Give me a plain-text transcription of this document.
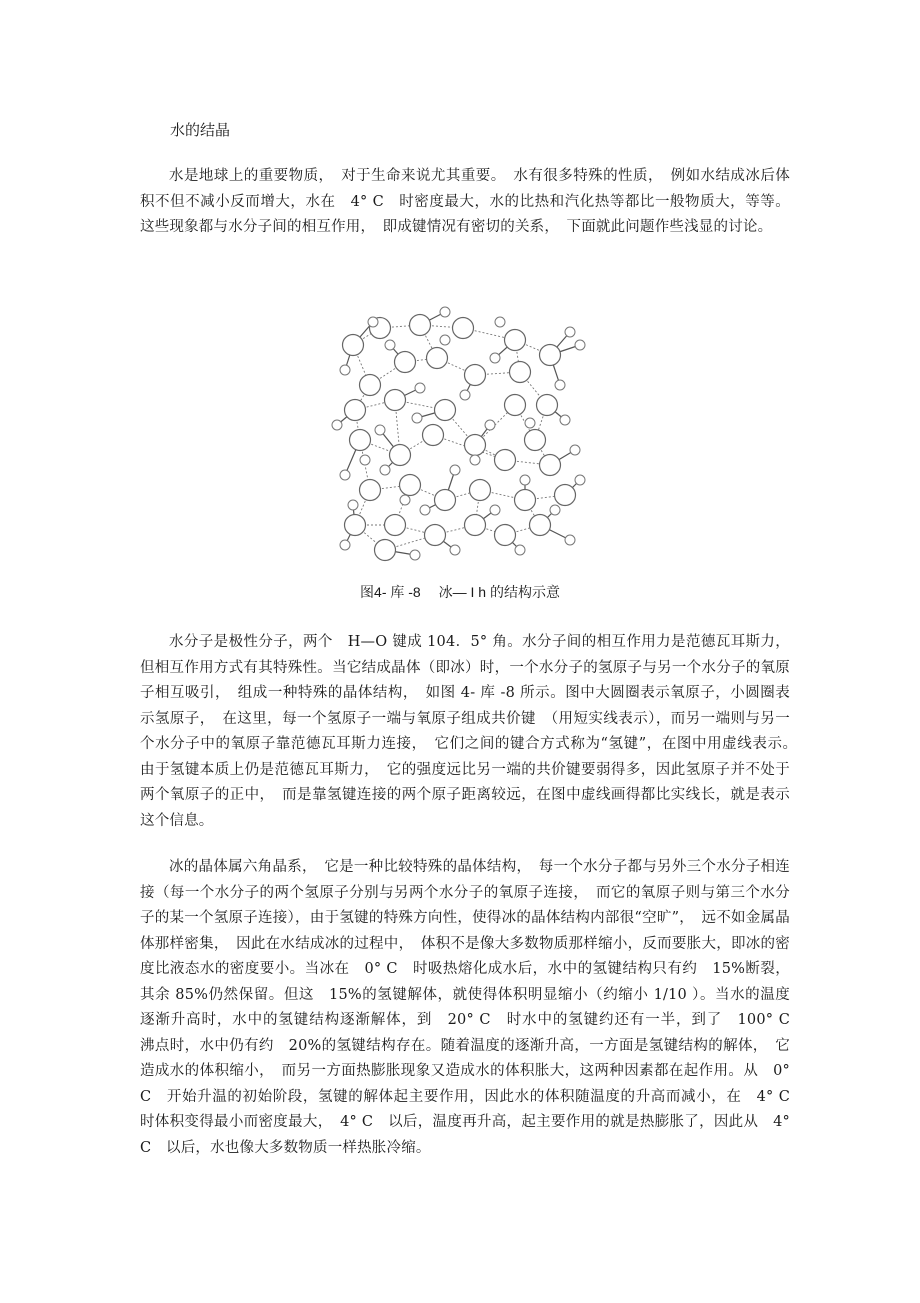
水的结晶

水是地球上的重要物质，　对于生命来说尤其重要。　水有很多特殊的性质，　例如水结成冰后体积不但不减小反而增大，水在　4° C　时密度最大，水的比热和汽化热等都比一般物质大，等等。这些现象都与水分子间的相互作用，　即成键情况有密切的关系，　下面就此问题作些浅显的讨论。

图4- 库 -8　 冰— I h 的结构示意

水分子是极性分子，两个　H—O 键成 104．5° 角。水分子间的相互作用力是范德瓦耳斯力，但相互作用方式有其特殊性。当它结成晶体（即冰）时，一个水分子的氢原子与另一个水分子的氧原子相互吸引，　组成一种特殊的晶体结构，　如图 4- 库 -8 所示。图中大圆圈表示氧原子，小圆圈表示氢原子，　在这里，每一个氢原子一端与氧原子组成共价键　（用短实线表示），而另一端则与另一个水分子中的氧原子靠范德瓦耳斯力连接，　它们之间的键合方式称为“氢键”，在图中用虚线表示。　由于氢键本质上仍是范德瓦耳斯力，　它的强度远比另一端的共价键要弱得多，因此氢原子并不处于两个氧原子的正中，　而是靠氢键连接的两个原子距离较远，在图中虚线画得都比实线长，就是表示这个信息。

冰的晶体属六角晶系，　它是一种比较特殊的晶体结构，　每一个水分子都与另外三个水分子相连接（每一个水分子的两个氢原子分别与另两个水分子的氧原子连接，　而它的氧原子则与第三个水分子的某一个氢原子连接），由于氢键的特殊方向性，使得冰的晶体结构内部很“空旷”，　远不如金属晶体那样密集，　因此在水结成冰的过程中，　体积不是像大多数物质那样缩小，反而要胀大，即冰的密度比液态水的密度要小。当冰在　0° C　时吸热熔化成水后，水中的氢键结构只有约　15%断裂，其余 85%仍然保留。但这　15%的氢键解体，就使得体积明显缩小（约缩小 1/10 ）。当水的温度逐渐升高时，水中的氢键结构逐渐解体，到　20° C　时水中的氢键约还有一半，到了　100° C　沸点时，水中仍有约　20%的氢键结构存在。随着温度的逐渐升高，一方面是氢键结构的解体，　它造成水的体积缩小，　而另一方面热膨胀现象又造成水的体积胀大，这两种因素都在起作用。从　0° C　开始升温的初始阶段，氢键的解体起主要作用，因此水的体积随温度的升高而减小，在　4° C　时体积变得最小而密度最大，　4° C　以后，温度再升高，起主要作用的就是热膨胀了，因此从　4° C　以后，水也像大多数物质一样热胀冷缩。
